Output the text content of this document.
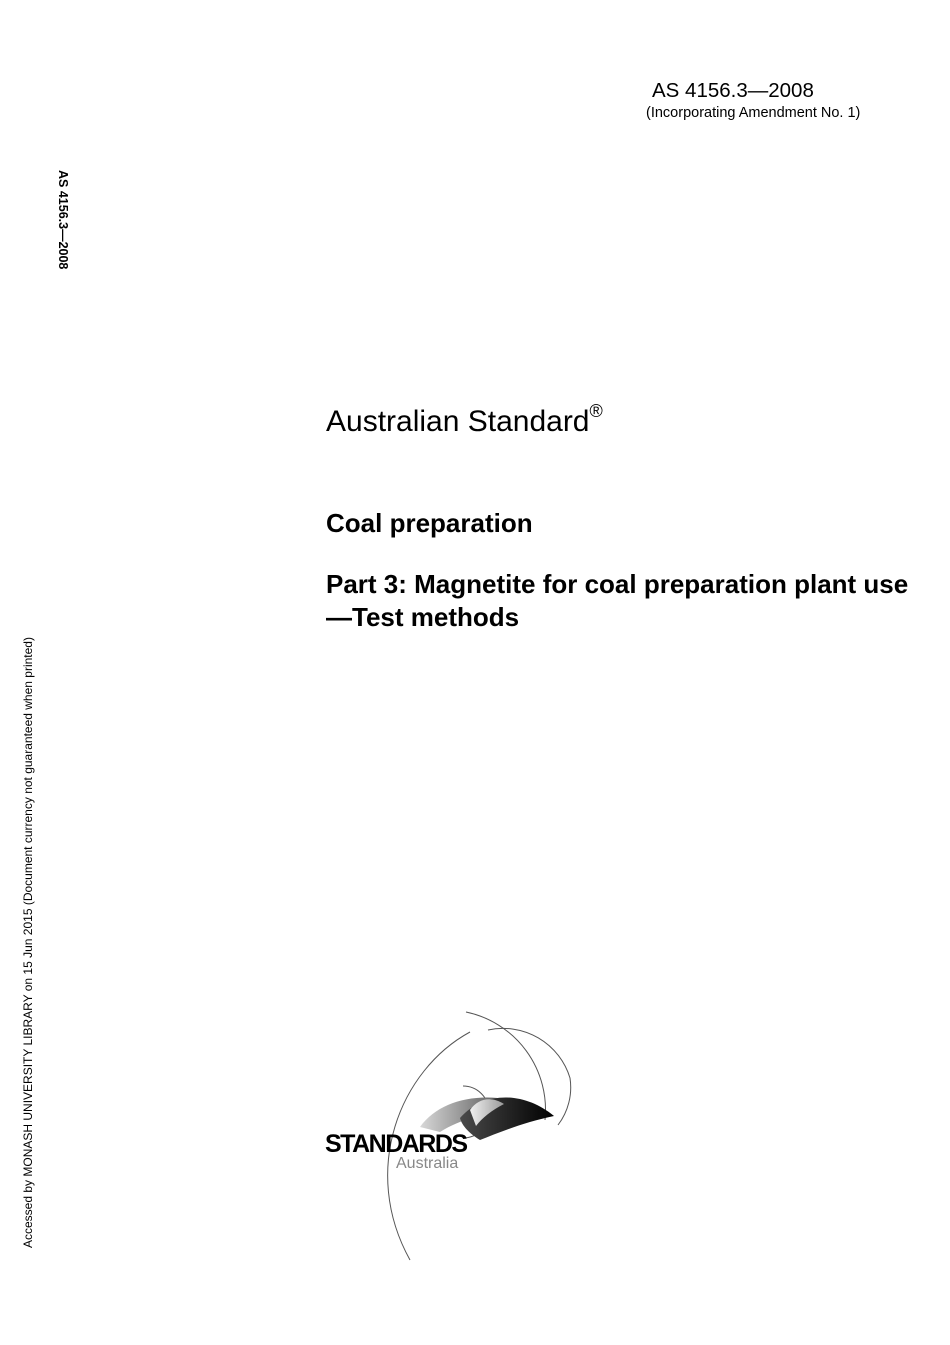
AS 4156.3—2008
(Incorporating Amendment No. 1)
AS 4156.3—2008
Accessed by MONASH UNIVERSITY LIBRARY on 15 Jun 2015 (Document currency not guaranteed when printed)
Australian Standard®
Coal preparation
Part 3: Magnetite for coal preparation plant use—Test methods
STANDARDS
Australia
